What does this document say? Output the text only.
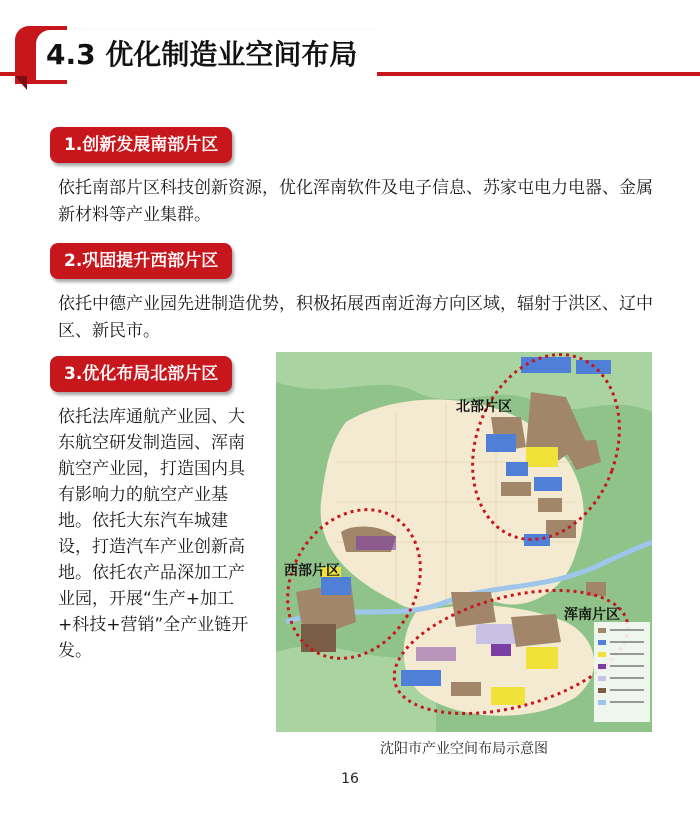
4.3 优化制造业空间布局
1.创新发展南部片区
依托南部片区科技创新资源，优化浑南软件及电子信息、苏家屯电力电器、金属新材料等产业集群。
2.巩固提升西部片区
依托中德产业园先进制造优势，积极拓展西南近海方向区域，辐射于洪区、辽中区、新民市。
3.优化布局北部片区
依托法库通航产业园、大东航空研发制造园、浑南航空产业园，打造国内具有影响力的航空产业基地。依托大东汽车城建设，打造汽车产业创新高地。依托农产品深加工产业园，开展“生产+加工+科技+营销”全产业链开发。
北部片区
西部片区
浑南片区
沈阳市产业空间布局示意图
16
